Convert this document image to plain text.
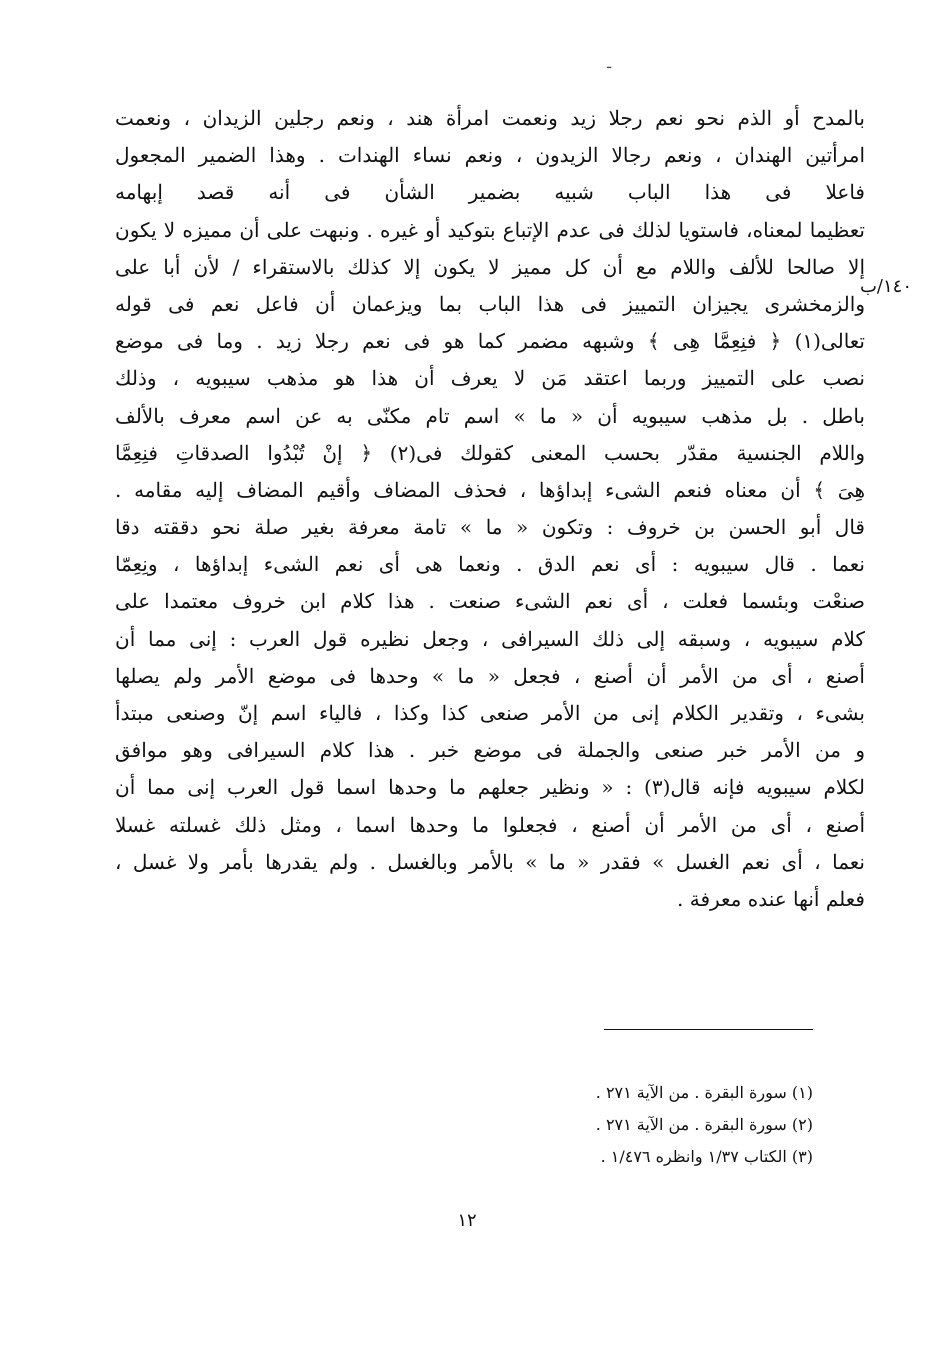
ـ
١٤٠/ب
بالمدح أو الذم نحو نعم رجلا زيد ونعمت امرأة هند ، ونعم رجلين الزيدان ، ونعمت
امرأتين الهندان ، ونعم رجالا الزيدون ، ونعم نساء الهندات . وهذا الضمير المجعول
فاعلا فى هذا الباب شبيه بضمير الشأن فى أنه قصد إبهامه
تعظيما لمعناه، فاستويا لذلك فى عدم الإتباع بتوكيد أو غيره . ونبهت على أن مميزه لا يكون
إلا صالحا للألف واللام مع أن كل مميز لا يكون إلا كذلك بالاستقراء / لأن أبا على
والزمخشرى يجيزان التمييز فى هذا الباب بما ويزعمان أن فاعل نعم فى قوله
تعالى(١) ﴿ فنِعِمَّا هِى ﴾ وشبهه مضمر كما هو فى نعم رجلا زيد . وما فى موضع
نصب على التمييز وربما اعتقد مَن لا يعرف أن هذا هو مذهب سيبويه ، وذلك
باطل . بل مذهب سيبويه أن « ما » اسم تام مكنّى به عن اسم معرف بالألف
واللام الجنسية مقدّر بحسب المعنى كقولك فى(٢) ﴿ إنْ تُبْدُوا الصدقاتِ فنِعِمَّا
هِىَ ﴾ أن معناه فنعم الشىء إبداؤها ، فحذف المضاف وأقيم المضاف إليه مقامه .
قال أبو الحسن بن خروف : وتكون « ما » تامة معرفة بغير صلة نحو دققته دقا
نعما . قال سيبويه : أى نعم الدق . ونعما هى أى نعم الشىء إبداؤها ، ونِعِمّا
صنعْت وبئسما فعلت ، أى نعم الشىء صنعت . هذا كلام ابن خروف معتمدا على
كلام سيبويه ، وسبقه إلى ذلك السيرافى ، وجعل نظيره قول العرب : إنى مما أن
أصنع ، أى من الأمر أن أصنع ، فجعل « ما » وحدها فى موضع الأمر ولم يصلها
بشىء ، وتقدير الكلام إنى من الأمر صنعى كذا وكذا ، فالياء اسم إنّ وصنعى مبتدأ
و من الأمر خبر صنعى والجملة فى موضع خبر . هذا كلام السيرافى وهو موافق
لكلام سيبويه فإنه قال(٣) : « ونظير جعلهم ما وحدها اسما قول العرب إنى مما أن
أصنع ، أى من الأمر أن أصنع ، فجعلوا ما وحدها اسما ، ومثل ذلك غسلته غسلا
نعما ، أى نعم الغسل » فقدر « ما » بالأمر وبالغسل . ولم يقدرها بأمر ولا غسل ،
فعلم أنها عنده معرفة .
(١) سورة البقرة . من الآية ٢٧١ .
(٢) سورة البقرة . من الآية ٢٧١ .
(٣) الكتاب ١/٣٧ وانظره ١/٤٧٦ .
١٢
